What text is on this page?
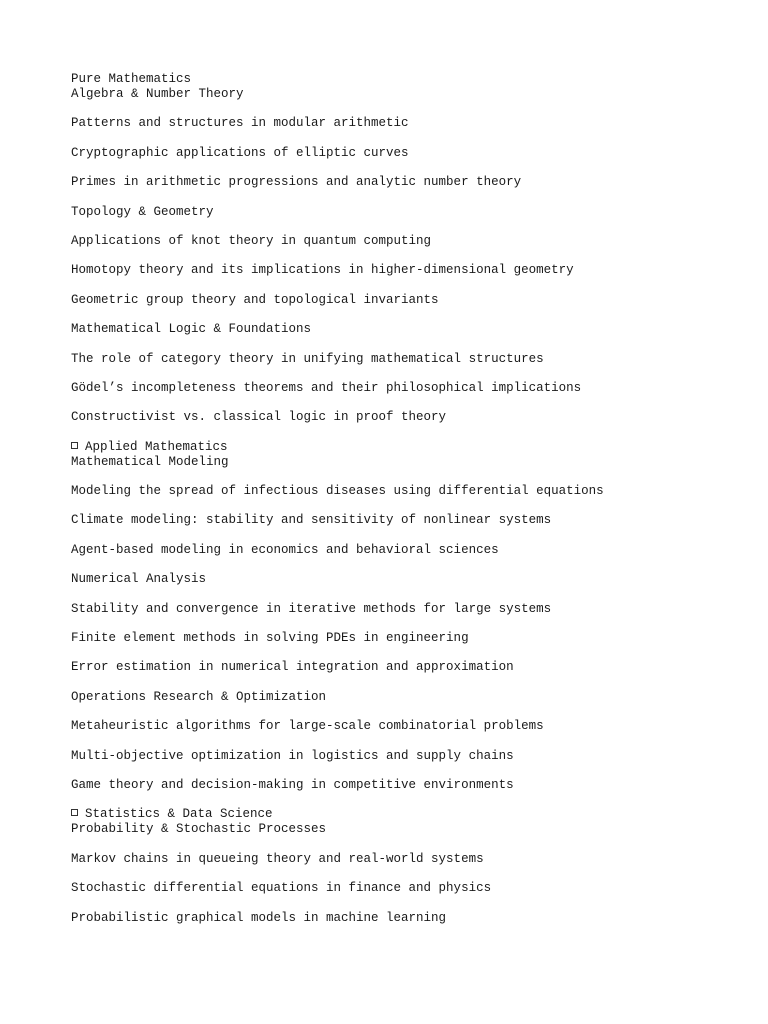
Pure Mathematics
Algebra & Number Theory
Patterns and structures in modular arithmetic
Cryptographic applications of elliptic curves
Primes in arithmetic progressions and analytic number theory
Topology & Geometry
Applications of knot theory in quantum computing
Homotopy theory and its implications in higher-dimensional geometry
Geometric group theory and topological invariants
Mathematical Logic & Foundations
The role of category theory in unifying mathematical structures
Gödel’s incompleteness theorems and their philosophical implications
Constructivist vs. classical logic in proof theory
Applied Mathematics
Mathematical Modeling
Modeling the spread of infectious diseases using differential equations
Climate modeling: stability and sensitivity of nonlinear systems
Agent-based modeling in economics and behavioral sciences
Numerical Analysis
Stability and convergence in iterative methods for large systems
Finite element methods in solving PDEs in engineering
Error estimation in numerical integration and approximation
Operations Research & Optimization
Metaheuristic algorithms for large-scale combinatorial problems
Multi-objective optimization in logistics and supply chains
Game theory and decision-making in competitive environments
Statistics & Data Science
Probability & Stochastic Processes
Markov chains in queueing theory and real-world systems
Stochastic differential equations in finance and physics
Probabilistic graphical models in machine learning
